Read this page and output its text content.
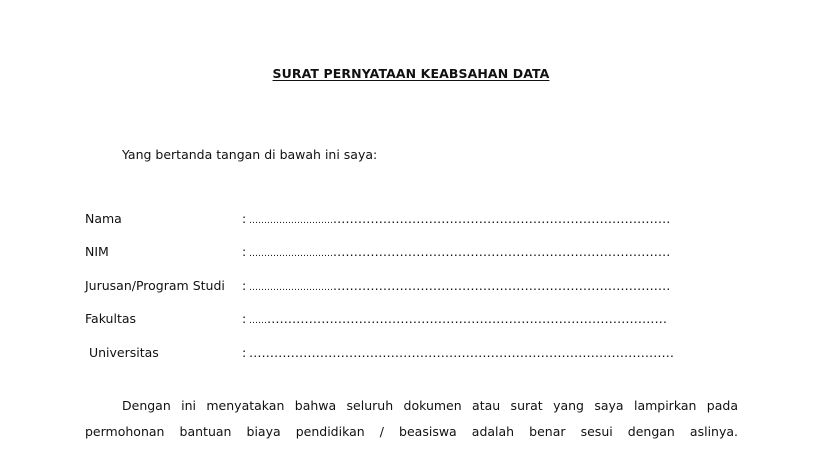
SURAT PERNYATAAN KEABSAHAN DATA
Yang bertanda tangan di bawah ini saya:
Nama	: ……………………….………………………………………………………………………
NIM	: ……………………….………………………………………………………………………
Jurusan/Program Studi : ……………………….………………………………………………………………………
Fakultas	: …………………………………………………………………………………………
Universitas	: …………………………………………………………………………………………
Dengan ini menyatakan bahwa seluruh dokumen atau surat yang saya lampirkan pada permohonan bantuan biaya pendidikan / beasiswa adalah benar sesui dengan aslinya.
